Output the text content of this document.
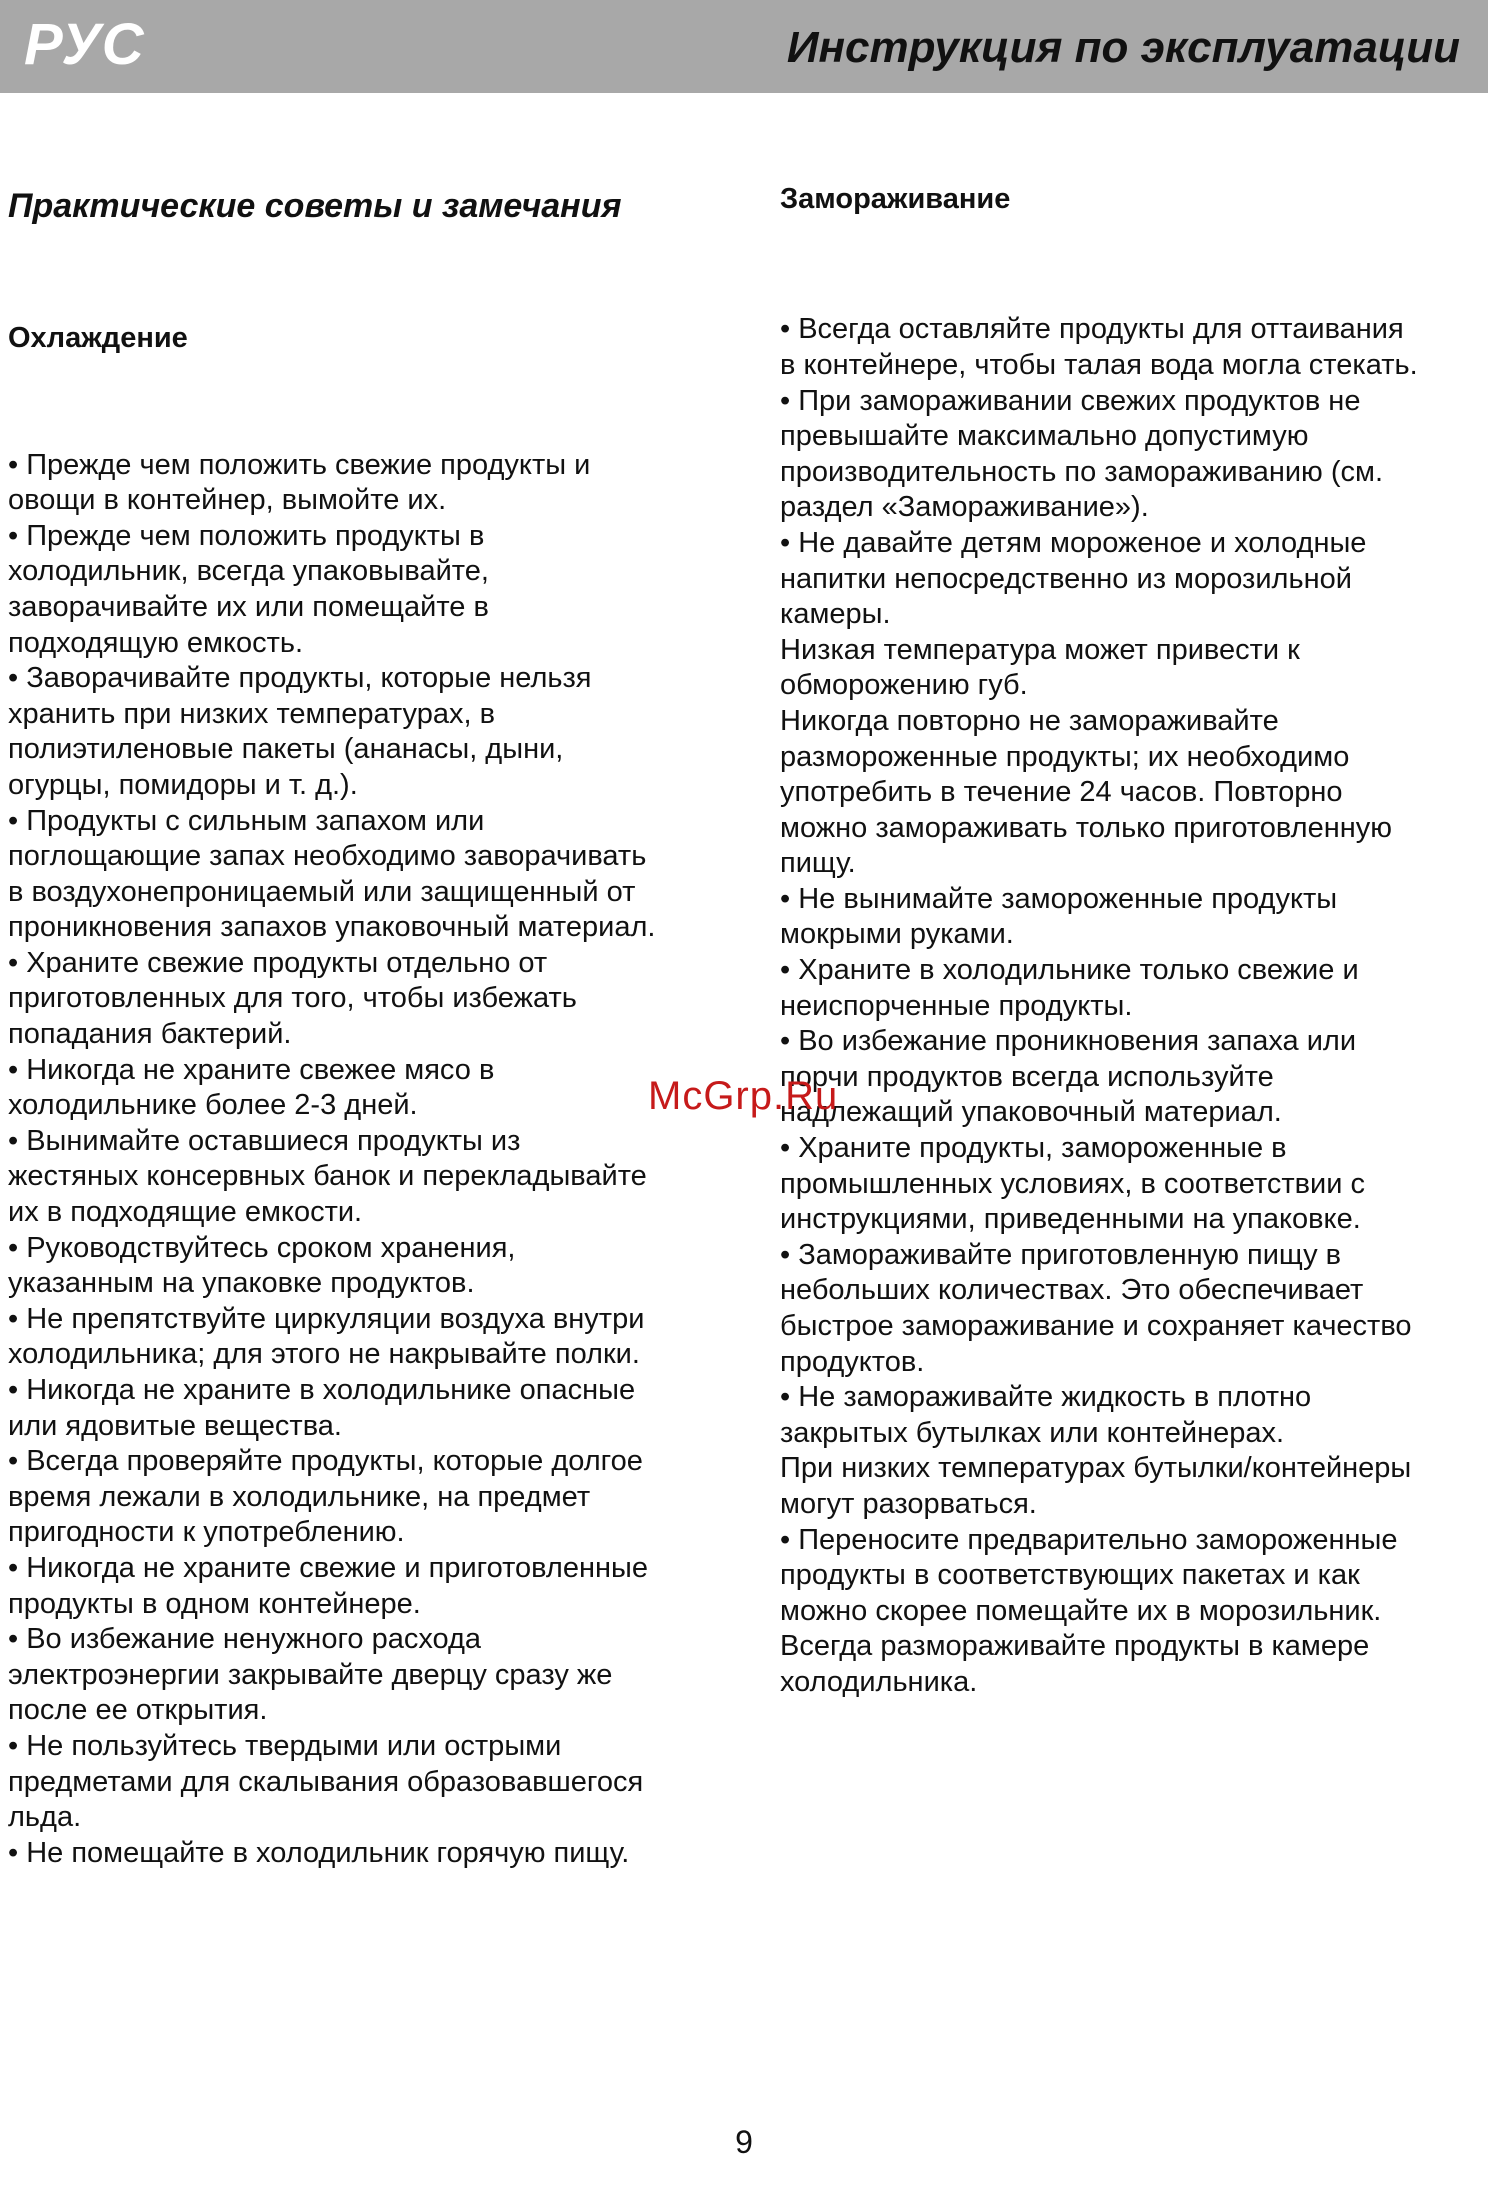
РУС	Инструкция по эксплуатации

Практические советы и замечания

Охлаждение

• Прежде чем положить свежие продукты и
овощи в контейнер, вымойте их.
• Прежде чем положить продукты в
холодильник, всегда упаковывайте,
заворачивайте их или помещайте в
подходящую емкость.
• Заворачивайте продукты, которые нельзя
хранить при низких температурах, в
полиэтиленовые пакеты (ананасы, дыни,
огурцы, помидоры и т. д.).
• Продукты с сильным запахом или
поглощающие запах необходимо заворачивать
в воздухонепроницаемый или защищенный от
проникновения запахов упаковочный материал.
• Храните свежие продукты отдельно от
приготовленных для того, чтобы избежать
попадания бактерий.
• Никогда не храните свежее мясо в
холодильнике более 2-3 дней.
• Вынимайте оставшиеся продукты из
жестяных консервных банок и перекладывайте
их в подходящие емкости.
• Руководствуйтесь сроком хранения,
указанным на упаковке продуктов.
• Не препятствуйте циркуляции воздуха внутри
холодильника; для этого не накрывайте полки.
• Никогда не храните в холодильнике опасные
или ядовитые вещества.
• Всегда проверяйте продукты, которые долгое
время лежали в холодильнике, на предмет
пригодности к употреблению.
• Никогда не храните свежие и приготовленные
продукты в одном контейнере.
• Во избежание ненужного расхода
электроэнергии закрывайте дверцу сразу же
после ее открытия.
• Не пользуйтесь твердыми или острыми
предметами для скалывания образовавшегося
льда.
• Не помещайте в холодильник горячую пищу.

Замораживание

• Всегда оставляйте продукты для оттаивания
в контейнере, чтобы талая вода могла стекать.
• При замораживании свежих продуктов не
превышайте максимально допустимую
производительность по замораживанию (см.
раздел «Замораживание»).
• Не давайте детям мороженое и холодные
напитки непосредственно из морозильной
камеры.
Низкая температура может привести к
обморожению губ.
Никогда повторно не замораживайте
размороженные продукты; их необходимо
употребить в течение 24 часов. Повторно
можно замораживать только приготовленную
пищу.
• Не вынимайте замороженные продукты
мокрыми руками.
• Храните в холодильнике только свежие и
неиспорченные продукты.
• Во избежание проникновения запаха или
порчи продуктов всегда используйте
надлежащий упаковочный материал.
• Храните продукты, замороженные в
промышленных условиях, в соответствии с
инструкциями, приведенными на упаковке.
• Замораживайте приготовленную пищу в
небольших количествах. Это обеспечивает
быстрое замораживание и сохраняет качество
продуктов.
• Не замораживайте жидкость в плотно
закрытых бутылках или контейнерах.
При низких температурах бутылки/контейнеры
могут разорваться.
• Переносите предварительно замороженные
продукты в соответствующих пакетах и как
можно скорее помещайте их в морозильник.
Всегда размораживайте продукты в камере
холодильника.

McGrp.Ru
9
